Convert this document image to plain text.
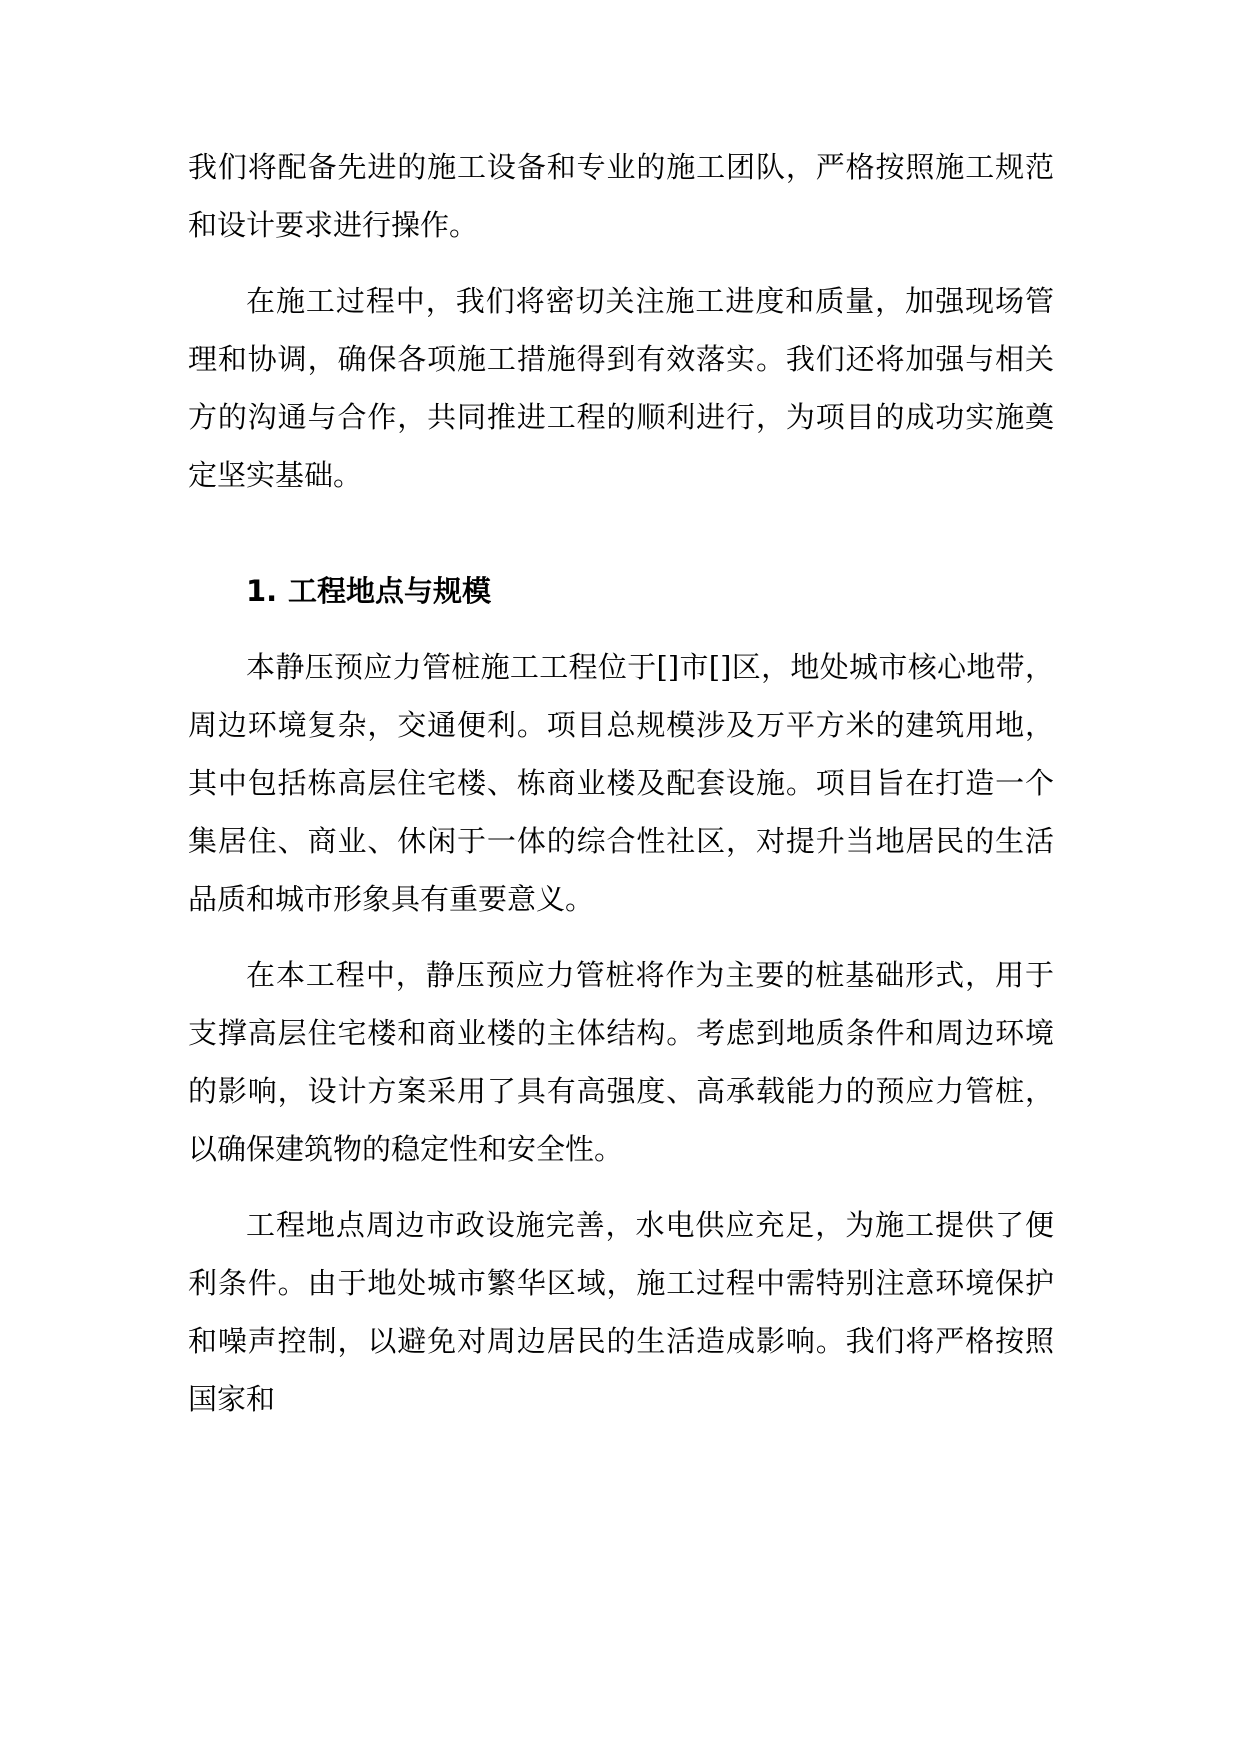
我们将配备先进的施工设备和专业的施工团队，严格按照施工规范和设计要求进行操作。

在施工过程中，我们将密切关注施工进度和质量，加强现场管理和协调，确保各项施工措施得到有效落实。我们还将加强与相关方的沟通与合作，共同推进工程的顺利进行，为项目的成功实施奠定坚实基础。

1. 工程地点与规模

本静压预应力管桩施工工程位于[]市[]区，地处城市核心地带，周边环境复杂，交通便利。项目总规模涉及万平方米的建筑用地，其中包括栋高层住宅楼、栋商业楼及配套设施。项目旨在打造一个集居住、商业、休闲于一体的综合性社区，对提升当地居民的生活品质和城市形象具有重要意义。

在本工程中，静压预应力管桩将作为主要的桩基础形式，用于支撑高层住宅楼和商业楼的主体结构。考虑到地质条件和周边环境的影响，设计方案采用了具有高强度、高承载能力的预应力管桩，以确保建筑物的稳定性和安全性。

工程地点周边市政设施完善，水电供应充足，为施工提供了便利条件。由于地处城市繁华区域，施工过程中需特别注意环境保护和噪声控制，以避免对周边居民的生活造成影响。我们将严格按照国家和
